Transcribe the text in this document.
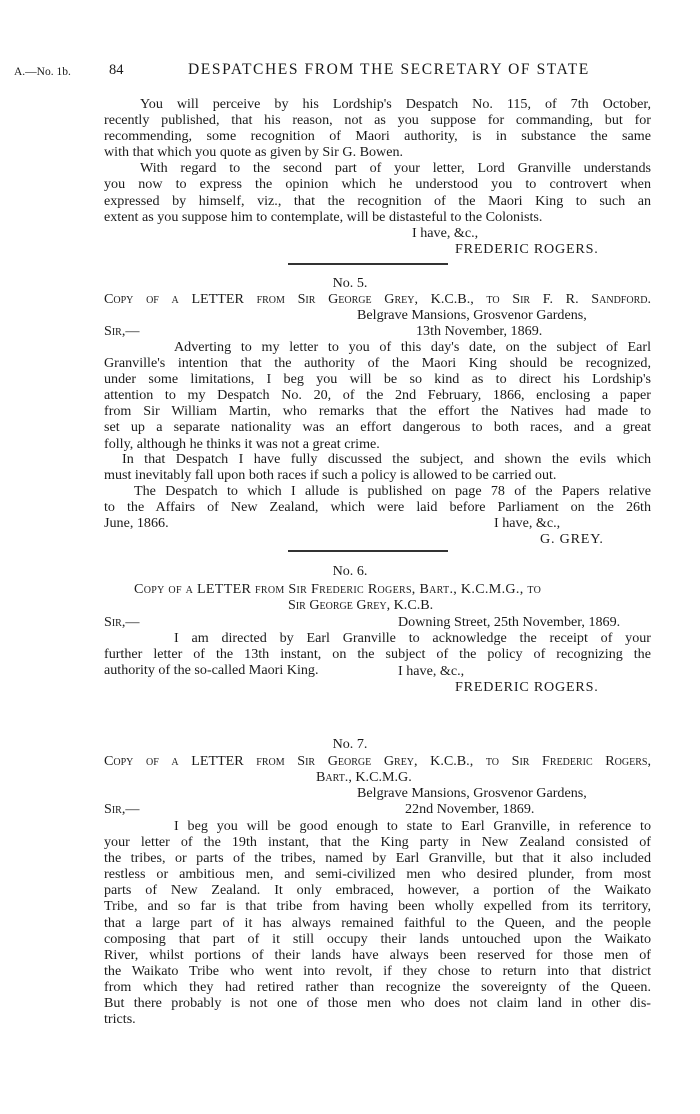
A.—No. 1b.	84	DESPATCHES FROM THE SECRETARY OF STATE
You will perceive by his Lordship's Despatch No. 115, of 7th October,
recently published, that his reason, not as you suppose for commanding, but for
recommending, some recognition of Maori authority, is in substance the same
with that which you quote as given by Sir G. Bowen.
With regard to the second part of your letter, Lord Granville understands
you now to express the opinion which he understood you to controvert when
expressed by himself, viz., that the recognition of the Maori King to such an
extent as you suppose him to contemplate, will be distasteful to the Colonists.
I have, &c.,
FREDERIC ROGERS.
No. 5.
Copy of a LETTER from Sir George Grey, K.C.B., to Sir F. R. Sandford.
Belgrave Mansions, Grosvenor Gardens,
Sir,—	13th November, 1869.
Adverting to my letter to you of this day's date, on the subject of Earl
Granville's intention that the authority of the Maori King should be recognized,
under some limitations, I beg you will be so kind as to direct his Lordship's
attention to my Despatch No. 20, of the 2nd February, 1866, enclosing a paper
from Sir William Martin, who remarks that the effort the Natives had made to
set up a separate nationality was an effort dangerous to both races, and a great
folly, although he thinks it was not a great crime.
In that Despatch I have fully discussed the subject, and shown the evils which
must inevitably fall upon both races if such a policy is allowed to be carried out.
The Despatch to which I allude is published on page 78 of the Papers relative
to the Affairs of New Zealand, which were laid before Parliament on the 26th
June, 1866.	I have, &c.,
G. GREY.
No. 6.
Copy of a LETTER from Sir Frederic Rogers, Bart., K.C.M.G., to
Sir George Grey, K.C.B.
Sir,—	Downing Street, 25th November, 1869.
I am directed by Earl Granville to acknowledge the receipt of your
further letter of the 13th instant, on the subject of the policy of recognizing the
authority of the so-called Maori King.	I have, &c.,
FREDERIC ROGERS.
No. 7.
Copy of a LETTER from Sir George Grey, K.C.B., to Sir Frederic Rogers,
Bart., K.C.M.G.
Belgrave Mansions, Grosvenor Gardens,
Sir,—	22nd November, 1869.
I beg you will be good enough to state to Earl Granville, in reference to
your letter of the 19th instant, that the King party in New Zealand consisted of
the tribes, or parts of the tribes, named by Earl Granville, but that it also included
restless or ambitious men, and semi-civilized men who desired plunder, from most
parts of New Zealand. It only embraced, however, a portion of the Waikato
Tribe, and so far is that tribe from having been wholly expelled from its territory,
that a large part of it has always remained faithful to the Queen, and the people
composing that part of it still occupy their lands untouched upon the Waikato
River, whilst portions of their lands have always been reserved for those men of
the Waikato Tribe who went into revolt, if they chose to return into that district
from which they had retired rather than recognize the sovereignty of the Queen.
But there probably is not one of those men who does not claim land in other dis-
tricts.
